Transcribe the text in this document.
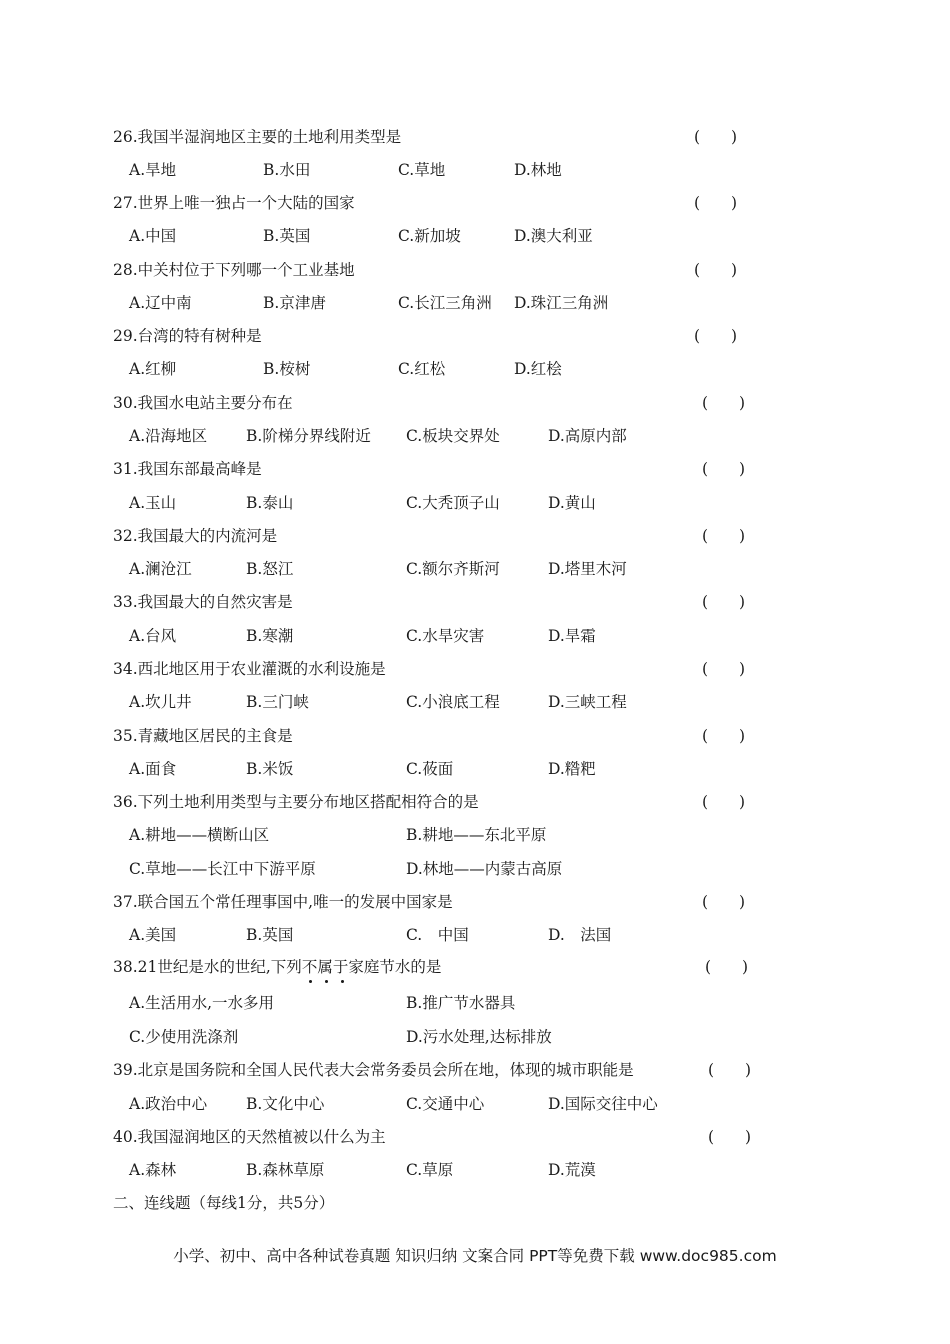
26.我国半湿润地区主要的土地利用类型是	(　　)
A.旱地	B.水田	C.草地	D.林地
27.世界上唯一独占一个大陆的国家	(　　)
A.中国	B.英国	C.新加坡	D.澳大利亚
28.中关村位于下列哪一个工业基地	(　　)
A.辽中南	B.京津唐	C.长江三角洲 D.珠江三角洲
29.台湾的特有树种是	(　　)
A.红柳	B.桉树	C.红松	D.红桧
30.我国水电站主要分布在	(　　)
A.沿海地区	B.阶梯分界线附近 C.板块交界处	D.高原内部
31.我国东部最高峰是	(　　)
A.玉山	B.泰山	C.大秃顶子山	D.黄山
32.我国最大的内流河是	(　　)
A.澜沧江	B.怒江	C.额尔齐斯河	D.塔里木河
33.我国最大的自然灾害是	(　　)
A.台风	B.寒潮	C.水旱灾害	D.旱霜
34.西北地区用于农业灌溉的水利设施是	(　　)
A.坎儿井	B.三门峡	C.小浪底工程	D.三峡工程
35.青藏地区居民的主食是	(　　)
A.面食	B.米饭	C.莜面	D.糌粑
36.下列土地利用类型与主要分布地区搭配相符合的是	(　　)
A.耕地——横断山区	B.耕地——东北平原
C.草地——长江中下游平原	D.林地——内蒙古高原
37.联合国五个常任理事国中,唯一的发展中国家是	(　　)
A.美国	B.英国	C.　中国	D.　法国
38.21世纪是水的世纪,下列不属于
家庭节水的是	(　　)
A.生活用水,一水多用	B.推广节水器具
C.少使用洗涤剂	D.污水处理,达标排放
39.北京是国务院和全国人民代表大会常务委员会所在地，体现的城市职能是	(　　)
A.政治中心	B.文化中心	C.交通中心	D.国际交往中心
40.我国湿润地区的天然植被以什么为主	(　　)
A.森林	B.森林草原	C.草原	D.荒漠
二、连线题（每线1分，共5分）
小学、初中、高中各种试卷真题 知识归纳 文案合同 PPT等免费下载 www.doc985.com
